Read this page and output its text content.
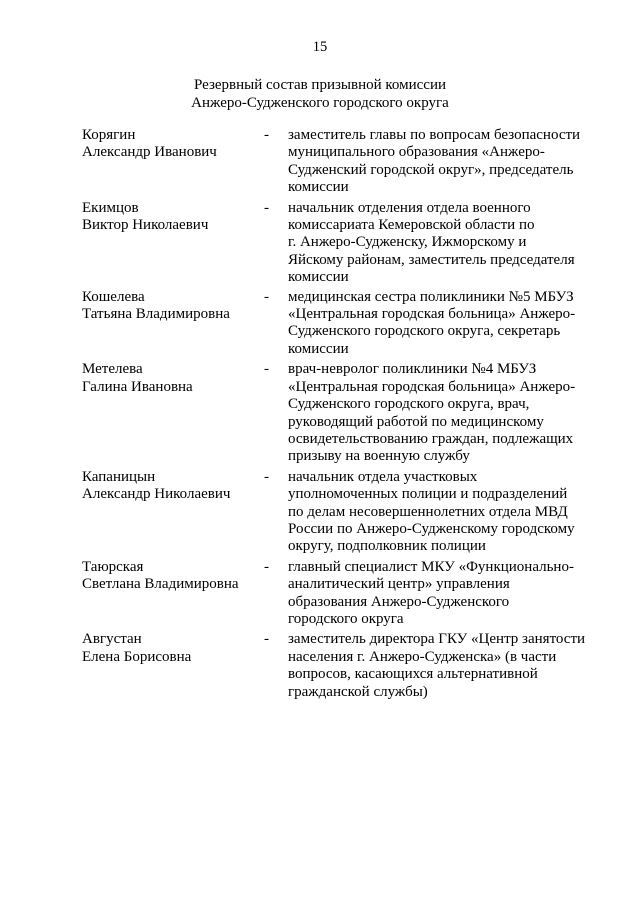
15
Резервный состав призывной комиссии
Анжеро-Судженского городского округа
Корягин
Александр Иванович
-	заместитель главы по вопросам безопасности
муниципального образования «Анжеро-
Судженский городской округ», председатель
комиссии
Екимцов
Виктор Николаевич
-	начальник отделения отдела военного
комиссариата Кемеровской области по
г. Анжеро-Судженску, Ижморскому и
Яйскому районам, заместитель председателя
комиссии
Кошелева
Татьяна Владимировна
-	медицинская сестра поликлиники №5 МБУЗ
«Центральная городская больница» Анжеро-
Судженского городского округа, секретарь
комиссии
Метелева
Галина Ивановна
-	врач-невролог поликлиники №4 МБУЗ
«Центральная городская больница» Анжеро-
Судженского городского округа, врач,
руководящий работой по медицинскому
освидетельствованию граждан, подлежащих
призыву на военную службу
Капаницын
Александр Николаевич
-	начальник отдела участковых
уполномоченных полиции и подразделений
по делам несовершеннолетних отдела МВД
России по Анжеро-Судженскому городскому
округу, подполковник полиции
Таюрская
Светлана Владимировна
-	главный специалист МКУ «Функционально-
аналитический центр» управления
образования Анжеро-Судженского
городского округа
Августан
Елена Борисовна
-	заместитель директора ГКУ «Центр занятости
населения г. Анжеро-Судженска» (в части
вопросов, касающихся альтернативной
гражданской службы)
